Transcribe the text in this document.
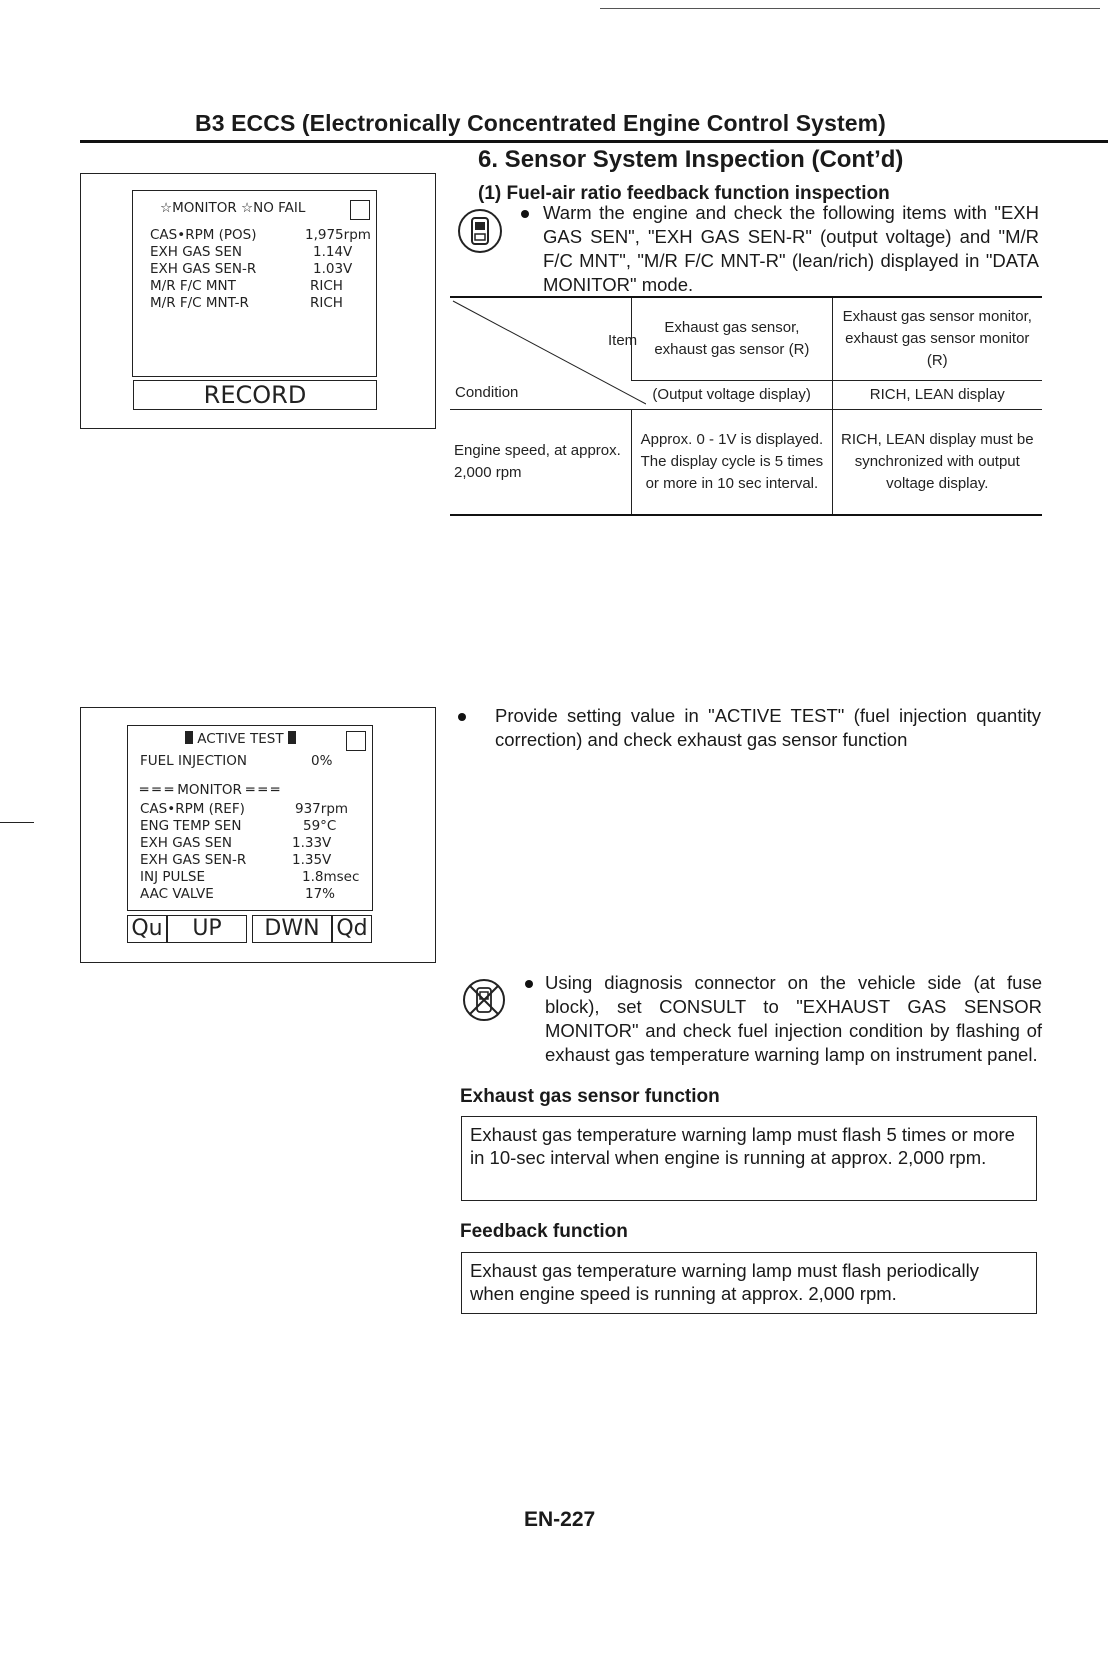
B3 ECCS (Electronically Concentrated Engine Control System)
6. Sensor System Inspection (Cont’d)
(1) Fuel-air ratio feedback function inspection
☆MONITOR ☆NO FAIL
CAS•RPM (POS)	1,975rpm
EXH GAS SEN	1.14V
EXH GAS SEN-R	1.03V
M/R F/C MNT	RICH
M/R F/C MNT-R	RICH
RECORD
Warm the engine and check the following items with "EXH GAS SEN", "EXH GAS SEN-R" (output voltage) and "M/R F/C MNT", "M/R F/C MNT-R" (lean/rich) displayed in "DATA MONITOR" mode.
Item
Condition	Exhaust gas sensor, exhaust gas sensor (R)	Exhaust gas sensor monitor, exhaust gas sensor monitor (R)
	(Output voltage display)	RICH, LEAN display
Engine speed, at approx. 2,000 rpm	Approx. 0 - 1V is displayed. The display cycle is 5 times or more in 10 sec interval.	RICH, LEAN display must be synchronized with output voltage display.
ACTIVE TEST
FUEL INJECTION	0%
═ ═ ═ MONITOR ═ ═ ═
CAS•RPM (REF)	937rpm
ENG TEMP SEN	59°C
EXH GAS SEN	1.33V
EXH GAS SEN-R	1.35V
INJ PULSE	1.8msec
AAC VALVE	17%
Qu	UP	DWN Qd
Provide setting value in "ACTIVE TEST" (fuel injection quantity correction) and check exhaust gas sensor function
Using diagnosis connector on the vehicle side (at fuse block), set CONSULT to "EXHAUST GAS SENSOR MONITOR" and check fuel injection condition by flashing of exhaust gas temperature warning lamp on instrument panel.
Exhaust gas sensor function
Exhaust gas temperature warning lamp must flash 5 times or more in 10-sec interval when engine is running at approx. 2,000 rpm.
Feedback function
Exhaust gas temperature warning lamp must flash periodically when engine speed is running at approx. 2,000 rpm.
EN-227
